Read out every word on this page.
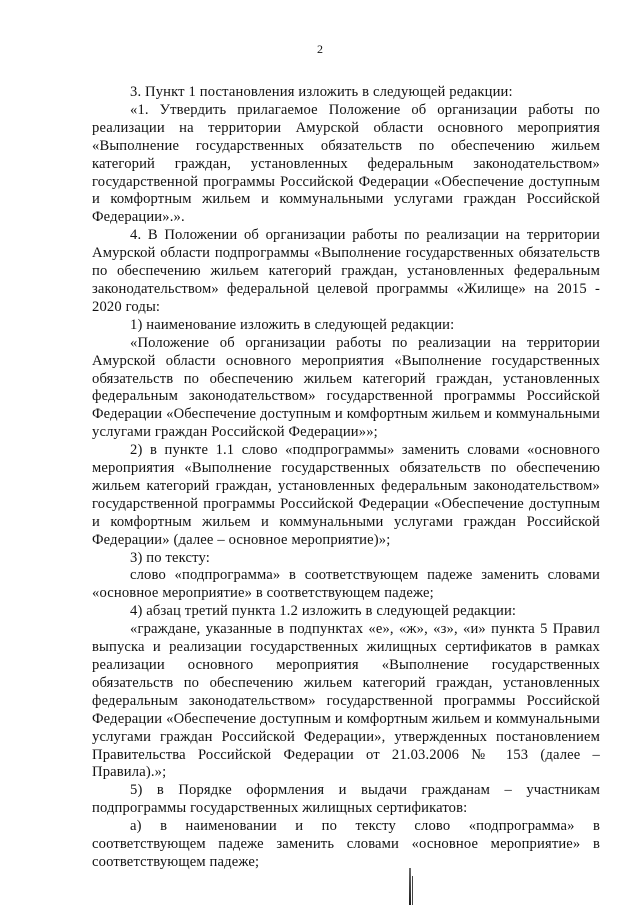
2

3. Пункт 1 постановления изложить в следующей редакции:

«1. Утвердить прилагаемое Положение об организации работы по реализации на территории Амурской области основного мероприятия «Выполнение государственных обязательств по обеспечению жильем категорий граждан, установленных федеральным законодательством» государственной программы Российской Федерации «Обеспечение доступным и комфортным жильем и коммунальными услугами граждан Российской Федерации».».

4. В Положении об организации работы по реализации на территории Амурской области подпрограммы «Выполнение государственных обязательств по обеспечению жильем категорий граждан, установленных федеральным законодательством» федеральной целевой программы «Жилище» на 2015 - 2020 годы:

1) наименование изложить в следующей редакции:

«Положение об организации работы по реализации на территории Амурской области основного мероприятия «Выполнение государственных обязательств по обеспечению жильем категорий граждан, установленных федеральным законодательством» государственной программы Российской Федерации «Обеспечение доступным и комфортным жильем и коммунальными услугами граждан Российской Федерации»»;

2) в пункте 1.1 слово «подпрограммы» заменить словами «основного мероприятия «Выполнение государственных обязательств по обеспечению жильем категорий граждан, установленных федеральным законодательством» государственной программы Российской Федерации «Обеспечение доступным и комфортным жильем и коммунальными услугами граждан Российской Федерации» (далее – основное мероприятие)»;

3) по тексту:

слово «подпрограмма» в соответствующем падеже заменить словами «основное мероприятие» в соответствующем падеже;

4) абзац третий пункта 1.2 изложить в следующей редакции:

«граждане, указанные в подпунктах «е», «ж», «з», «и» пункта 5 Правил выпуска и реализации государственных жилищных сертификатов в рамках реализации основного мероприятия «Выполнение государственных обязательств по обеспечению жильем категорий граждан, установленных федеральным законодательством» государственной программы Российской Федерации «Обеспечение доступным и комфортным жильем и коммунальными услугами граждан Российской Федерации», утвержденных постановлением Правительства Российской Федерации от 21.03.2006 № 153 (далее – Правила).»;

5) в Порядке оформления и выдачи гражданам – участникам подпрограммы государственных жилищных сертификатов:

а) в наименовании и по тексту слово «подпрограмма» в соответствующем падеже заменить словами «основное мероприятие» в соответствующем падеже;
